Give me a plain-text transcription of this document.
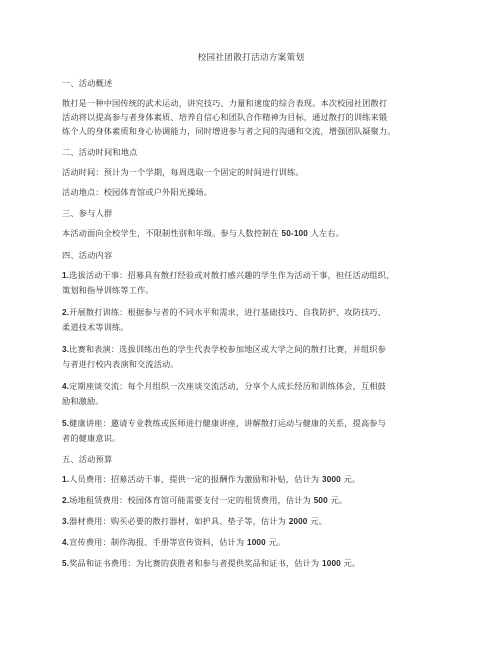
校园社团散打活动方案策划
一、活动概述
散打是一种中国传统的武术运动，讲究技巧、力量和速度的综合表现。本次校园社团散打
活动将以提高参与者身体素质、培养自信心和团队合作精神为目标，通过散打的训练来锻
炼个人的身体素质和身心协调能力，同时增进参与者之间的沟通和交流，增强团队凝聚力。
二、活动时间和地点
活动时间：预计为一个学期，每周选取一个固定的时间进行训练。
活动地点：校园体育馆或户外阳光操场。
三、参与人群
本活动面向全校学生，不限制性别和年级。参与人数控制在 50-100 人左右。
四、活动内容
1.选拔活动干事：招募具有散打经验或对散打感兴趣的学生作为活动干事，担任活动组织、
策划和指导训练等工作。
2.开展散打训练：根据参与者的不同水平和需求，进行基础技巧、自我防护、攻防技巧、
柔道技术等训练。
3.比赛和表演：选拔训练出色的学生代表学校参加地区或大学之间的散打比赛，并组织参
与者进行校内表演和交流活动。
4.定期座谈交流：每个月组织一次座谈交流活动，分享个人成长经历和训练体会，互相鼓
励和激励。
5.健康讲座：邀请专业教练或医师进行健康讲座，讲解散打运动与健康的关系，提高参与
者的健康意识。
五、活动预算
1.人员费用：招募活动干事，提供一定的报酬作为激励和补贴，估计为 3000 元。
2.场地租赁费用：校园体育馆可能需要支付一定的租赁费用，估计为 500 元。
3.器材费用：购买必要的散打器材，如护具、垫子等，估计为 2000 元。
4.宣传费用：制作海报、手册等宣传资料，估计为 1000 元。
5.奖品和证书费用：为比赛的获胜者和参与者提供奖品和证书，估计为 1000 元。
